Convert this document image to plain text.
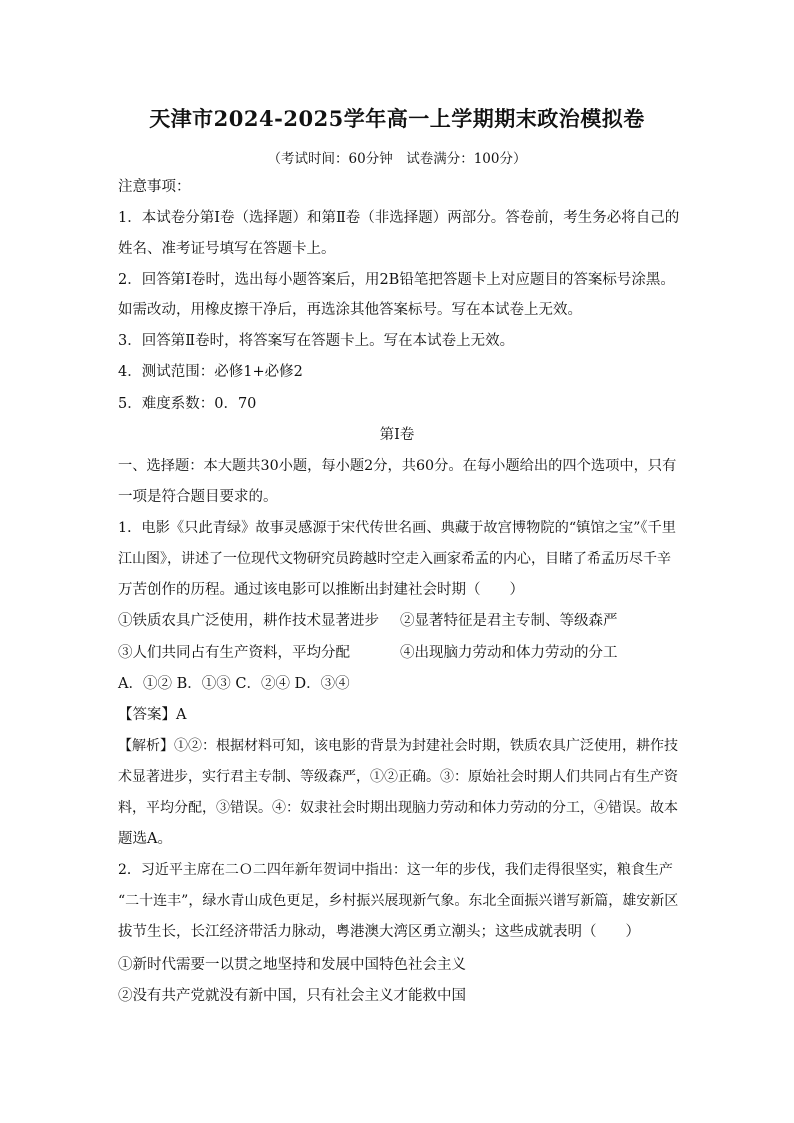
天津市2024-2025学年高一上学期期末政治模拟卷
（考试时间：60分钟　试卷满分：100分）
注意事项：
1．本试卷分第Ⅰ卷（选择题）和第Ⅱ卷（非选择题）两部分。答卷前，考生务必将自己的
姓名、准考证号填写在答题卡上。
2．回答第Ⅰ卷时，选出每小题答案后，用2B铅笔把答题卡上对应题目的答案标号涂黑。
如需改动，用橡皮擦干净后，再选涂其他答案标号。写在本试卷上无效。
3．回答第Ⅱ卷时，将答案写在答题卡上。写在本试卷上无效。
4．测试范围：必修1+必修2
5．难度系数：0．70
第Ⅰ卷
一、选择题：本大题共30小题，每小题2分，共60分。在每小题给出的四个选项中，只有
一项是符合题目要求的。
1．电影《只此青绿》故事灵感源于宋代传世名画、典藏于故宫博物院的“镇馆之宝”《千里
江山图》，讲述了一位现代文物研究员跨越时空走入画家希孟的内心，目睹了希孟历尽千辛
万苦创作的历程。通过该电影可以推断出封建社会时期（　　）
①铁质农具广泛使用，耕作技术显著进步 ②显著特征是君主专制、等级森严
③人们共同占有生产资料，平均分配	④出现脑力劳动和体力劳动的分工
A．①② B．①③ C．②④ D．③④
【答案】A
【解析】①②：根据材料可知，该电影的背景为封建社会时期，铁质农具广泛使用，耕作技
术显著进步，实行君主专制、等级森严，①②正确。③：原始社会时期人们共同占有生产资
料，平均分配，③错误。④：奴隶社会时期出现脑力劳动和体力劳动的分工，④错误。故本
题选A。
2．习近平主席在二Ｏ二四年新年贺词中指出：这一年的步伐，我们走得很坚实，粮食生产
“二十连丰”，绿水青山成色更足，乡村振兴展现新气象。东北全面振兴谱写新篇，雄安新区
拔节生长，长江经济带活力脉动，粤港澳大湾区勇立潮头；这些成就表明（　　）
①新时代需要一以贯之地坚持和发展中国特色社会主义
②没有共产党就没有新中国，只有社会主义才能救中国
